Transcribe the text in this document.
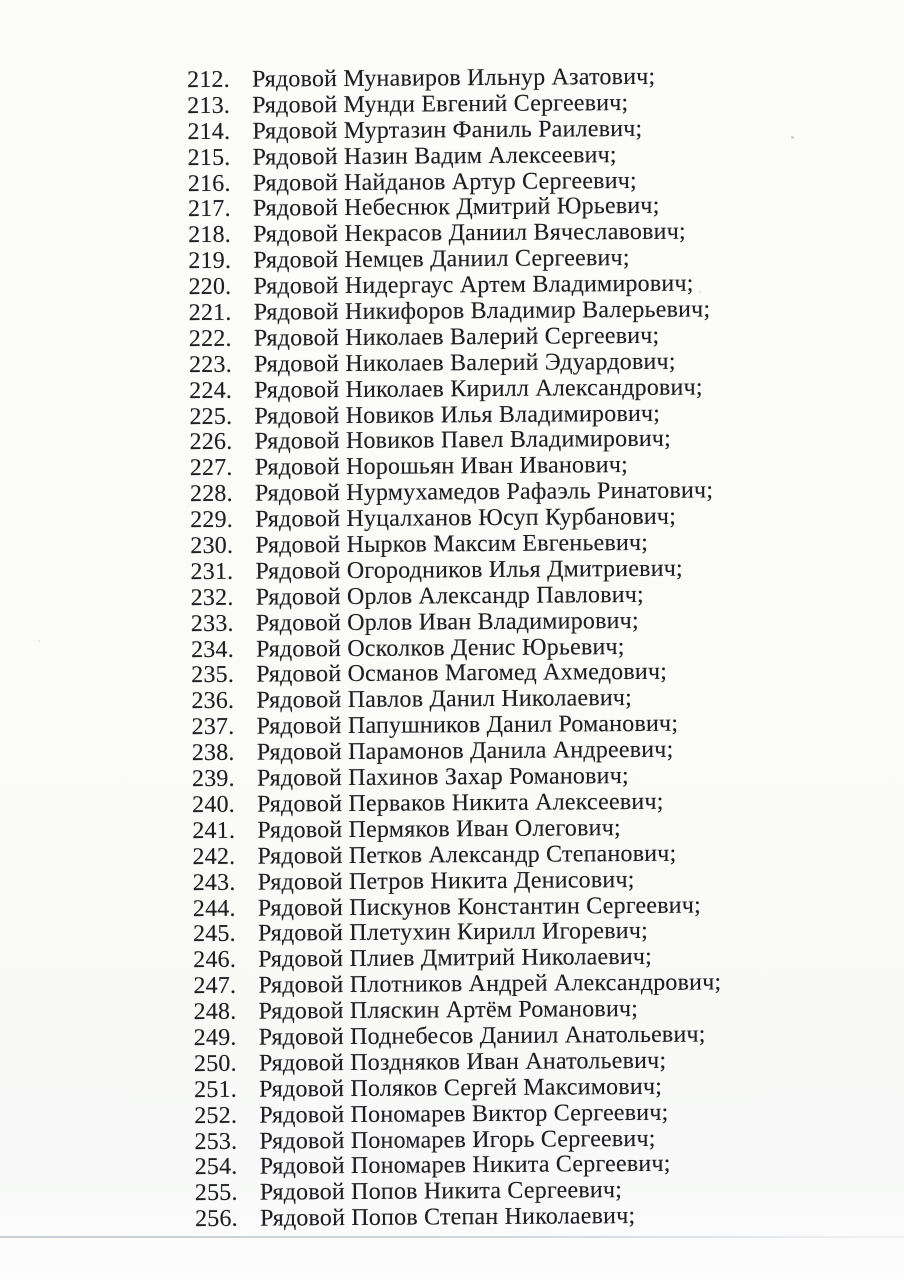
212. Рядовой Мунавиров Ильнур Азатович;
213. Рядовой Мунди Евгений Сергеевич;
214. Рядовой Муртазин Фаниль Раилевич;
215. Рядовой Назин Вадим Алексеевич;
216. Рядовой Найданов Артур Сергеевич;
217. Рядовой Небеснюк Дмитрий Юрьевич;
218. Рядовой Некрасов Даниил Вячеславович;
219. Рядовой Немцев Даниил Сергеевич;
220. Рядовой Нидергаус Артем Владимирович;
221. Рядовой Никифоров Владимир Валерьевич;
222. Рядовой Николаев Валерий Сергеевич;
223. Рядовой Николаев Валерий Эдуардович;
224. Рядовой Николаев Кирилл Александрович;
225. Рядовой Новиков Илья Владимирович;
226. Рядовой Новиков Павел Владимирович;
227. Рядовой Норошьян Иван Иванович;
228. Рядовой Нурмухамедов Рафаэль Ринатович;
229. Рядовой Нуцалханов Юсуп Курбанович;
230. Рядовой Нырков Максим Евгеньевич;
231. Рядовой Огородников Илья Дмитриевич;
232. Рядовой Орлов Александр Павлович;
233. Рядовой Орлов Иван Владимирович;
234. Рядовой Осколков Денис Юрьевич;
235. Рядовой Османов Магомед Ахмедович;
236. Рядовой Павлов Данил Николаевич;
237. Рядовой Папушников Данил Романович;
238. Рядовой Парамонов Данила Андреевич;
239. Рядовой Пахинов Захар Романович;
240. Рядовой Перваков Никита Алексеевич;
241. Рядовой Пермяков Иван Олегович;
242. Рядовой Петков Александр Степанович;
243. Рядовой Петров Никита Денисович;
244. Рядовой Пискунов Константин Сергеевич;
245. Рядовой Плетухин Кирилл Игоревич;
246. Рядовой Плиев Дмитрий Николаевич;
247. Рядовой Плотников Андрей Александрович;
248. Рядовой Пляскин Артём Романович;
249. Рядовой Поднебесов Даниил Анатольевич;
250. Рядовой Поздняков Иван Анатольевич;
251. Рядовой Поляков Сергей Максимович;
252. Рядовой Пономарев Виктор Сергеевич;
253. Рядовой Пономарев Игорь Сергеевич;
254. Рядовой Пономарев Никита Сергеевич;
255. Рядовой Попов Никита Сергеевич;
256. Рядовой Попов Степан Николаевич;
